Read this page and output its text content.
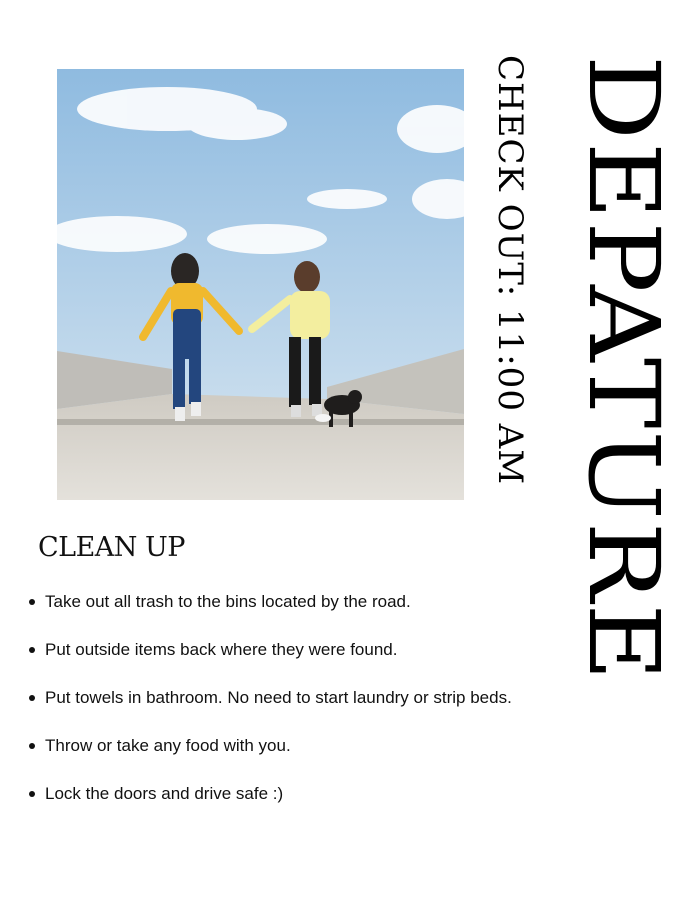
DEPATURE
CHECK OUT: 11:00 AM
CLEAN UP
Take out all trash to the bins located by the road.
Put outside items back where they were found.
Put towels in bathroom. No need to start laundry or strip beds.
Throw or take any food with you.
Lock the doors and drive safe :)
